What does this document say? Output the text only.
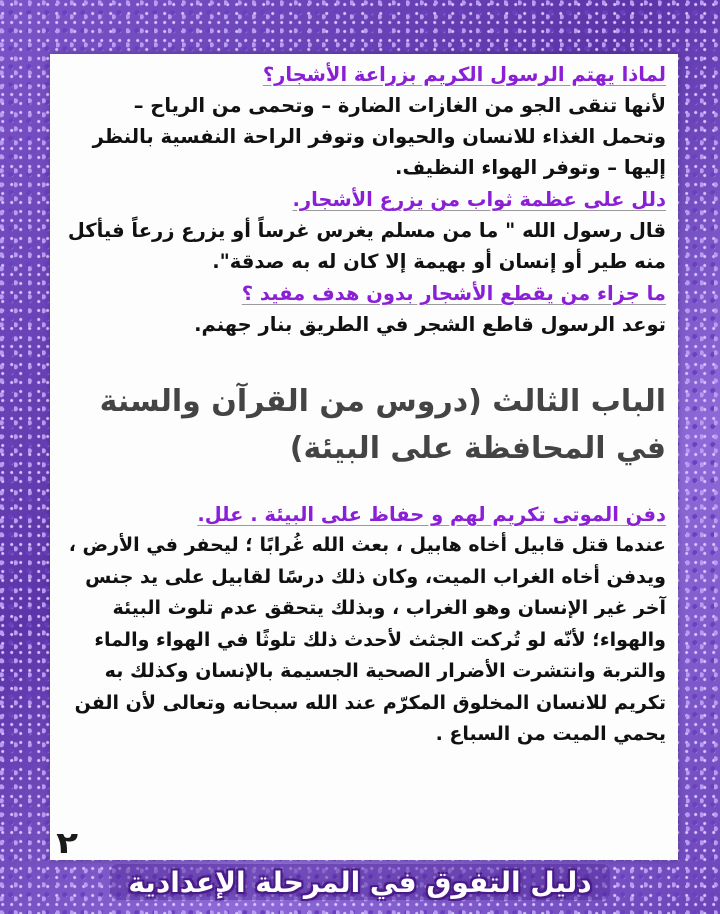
لماذا يهتم الرسول الكريم بزراعة الأشجار؟

لأنها تنقى الجو من الغازات الضارة – وتحمى من الرياح – وتحمل الغذاء للانسان والحيوان وتوفر الراحة النفسية بالنظر إليها – وتوفر الهواء النظيف.

دلل على عظمة ثواب من يزرع الأشجار.

قال رسول الله " ما من مسلم يغرس غرساً أو يزرع زرعاً فيأكل منه طير أو إنسان أو بهيمة إلا كان له به صدقة".

ما جزاء من يقطع الأشجار بدون هدف مفيد ؟

توعد الرسول قاطع الشجر في الطريق بنار جهنم.

الباب الثالث (دروس من القرآن والسنة في المحافظة على البيئة)
دفن الموتى تكريم لهم و حفاظ على البيئة . علل.

عندما قتل قابيل أخاه هابيل ، بعث الله غُرابًا ؛ ليحفر في الأرض ، ويدفن أخاه الغراب الميت، وكان ذلك درسًا لقابيل على يد جنس آخر غير الإنسان وهو الغراب ، وبذلك يتحقق عدم تلوث البيئة والهواء؛ لأنّه لو تُركت الجثث لأحدث ذلك تلوثًا في الهواء والماء والتربة وانتشرت الأضرار الصحية الجسيمة بالإنسان وكذلك به تكريم للانسان المخلوق المكرّم عند الله سبحانه وتعالى لأن الفن يحمي الميت من السباع .

٢
دليل التفوق في المرحلة الإعدادية
